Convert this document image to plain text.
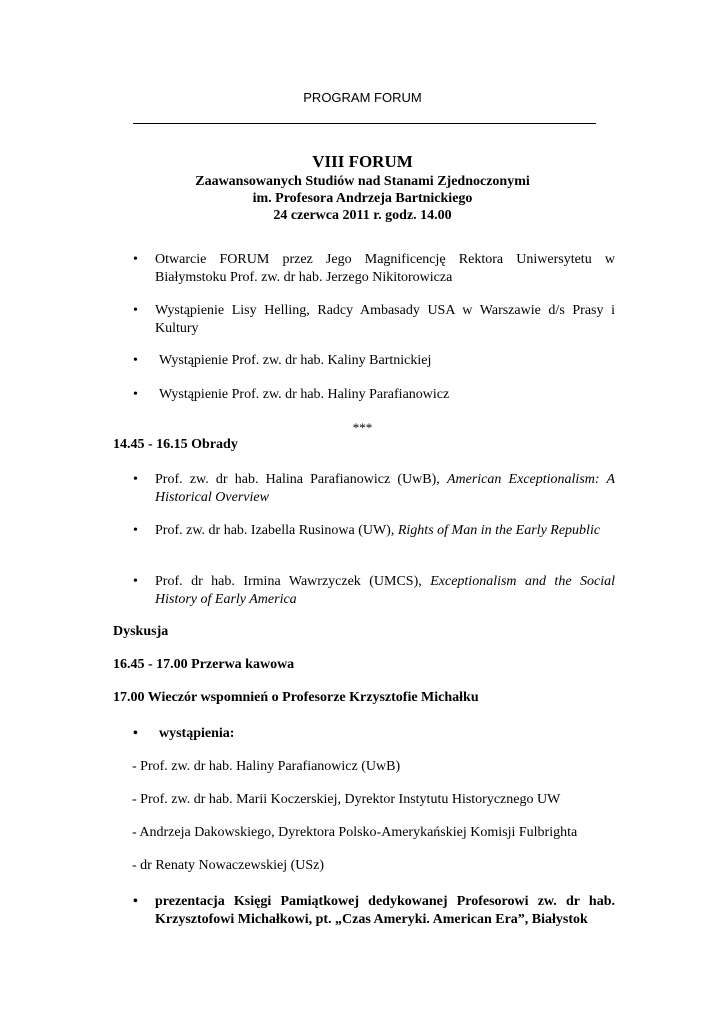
PROGRAM FORUM
VIII FORUM
Zaawansowanych Studiów nad Stanami Zjednoczonymi
im. Profesora Andrzeja Bartnickiego
24 czerwca 2011 r. godz. 14.00
• Otwarcie FORUM przez Jego Magnificencję Rektora Uniwersytetu w Białymstoku Prof. zw. dr hab. Jerzego Nikitorowicza
• Wystąpienie Lisy Helling, Radcy Ambasady USA w Warszawie d/s Prasy i Kultury
• Wystąpienie Prof. zw. dr hab. Kaliny Bartnickiej
• Wystąpienie Prof. zw. dr hab. Haliny Parafianowicz
***
14.45 - 16.15 Obrady
• Prof. zw. dr hab. Halina Parafianowicz (UwB), American Exceptionalism: A Historical Overview
• Prof. zw. dr hab. Izabella Rusinowa (UW), Rights of Man in the Early Republic
• Prof. dr hab. Irmina Wawrzyczek (UMCS), Exceptionalism and the Social History of Early America
Dyskusja
16.45 - 17.00 Przerwa kawowa
17.00 Wieczór wspomnień o Profesorze Krzysztofie Michałku
• wystąpienia:
- Prof. zw. dr hab. Haliny Parafianowicz (UwB)
- Prof. zw. dr hab. Marii Koczerskiej, Dyrektor Instytutu Historycznego UW
- Andrzeja Dakowskiego, Dyrektora Polsko-Amerykańskiej Komisji Fulbrighta
- dr Renaty Nowaczewskiej (USz)
• prezentacja Księgi Pamiątkowej dedykowanej Profesorowi zw. dr hab. Krzysztofowi Michałkowi, pt. „Czas Ameryki. American Era”, Białystok
